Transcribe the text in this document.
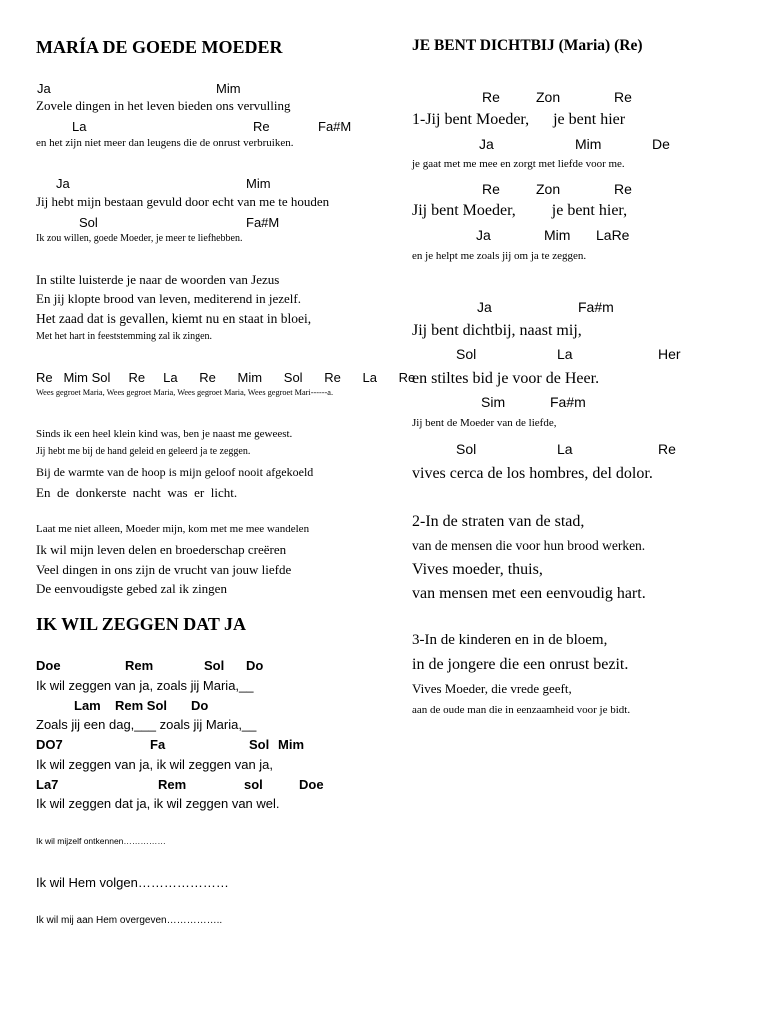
MARÍA DE GOEDE MOEDER
Ja	Mim
Zovele dingen in het leven bieden ons vervulling
La	Re	Fa#M
en het zijn niet meer dan leugens die de onrust verbruiken.
Ja	Mim
Jij hebt mijn bestaan gevuld door echt van me te houden
Sol	Fa#M
Ik zou willen, goede Moeder, je meer te liefhebben.
In stilte luisterde je naar de woorden van Jezus
En jij klopte brood van leven, mediterend in jezelf.
Het zaad dat is gevallen, kiemt nu en staat in bloei,
Met het hart in feeststemming zal ik zingen.
Re   Mim Sol     Re     La      Re      Mim      Sol      Re      La      Re
Wees gegroet Maria, Wees gegroet Maria, Wees gegroet Maria, Wees gegroet Mari------a.
Sinds ik een heel klein kind was, ben je naast me geweest.
Jij hebt me bij de hand geleid en geleerd ja te zeggen.
Bij de warmte van de hoop is mijn geloof nooit afgekoeld
En  de  donkerste  nacht  was  er  licht.
Laat me niet alleen, Moeder mijn, kom met me mee wandelen
Ik wil mijn leven delen en broederschap creëren
Veel dingen in ons zijn de vrucht van jouw liefde
De eenvoudigste gebed zal ik zingen
IK WIL ZEGGEN DAT JA
Doe	Rem	Sol Do
Ik wil zeggen van ja, zoals jij Maria,__
Lam Rem Sol Do
Zoals jij een dag,___ zoals jij Maria,__
DO7	Fa	Sol Mim
Ik wil zeggen van ja, ik wil zeggen van ja,
La7	Rem	sol	Doe
Ik wil zeggen dat ja, ik wil zeggen van wel.
Ik wil mijzelf ontkennen……………
Ik wil Hem volgen…………………
Ik wil mij aan Hem overgeven……………..
JE BENT DICHTBIJ (Maria) (Re)
Re	Zon	Re
1-Jij bent Moeder,      je bent hier
Ja	Mim	De
je gaat met me mee en zorgt met liefde voor me.
Re	Zon	Re
Jij bent Moeder,         je bent hier,
Ja	Mim LaRe
en je helpt me zoals jij om ja te zeggen.
Ja	Fa#m
Jij bent dichtbij, naast mij,
Sol	La	Her
en stiltes bid je voor de Heer.
Sim	Fa#m
Jij bent de Moeder van de liefde,
Sol	La	Re
vives cerca de los hombres, del dolor.
2-In de straten van de stad,
van de mensen die voor hun brood werken.
Vives moeder, thuis,
van mensen met een eenvoudig hart.
3-In de kinderen en in de bloem,
in de jongere die een onrust bezit.
Vives Moeder, die vrede geeft,
aan de oude man die in eenzaamheid voor je bidt.
